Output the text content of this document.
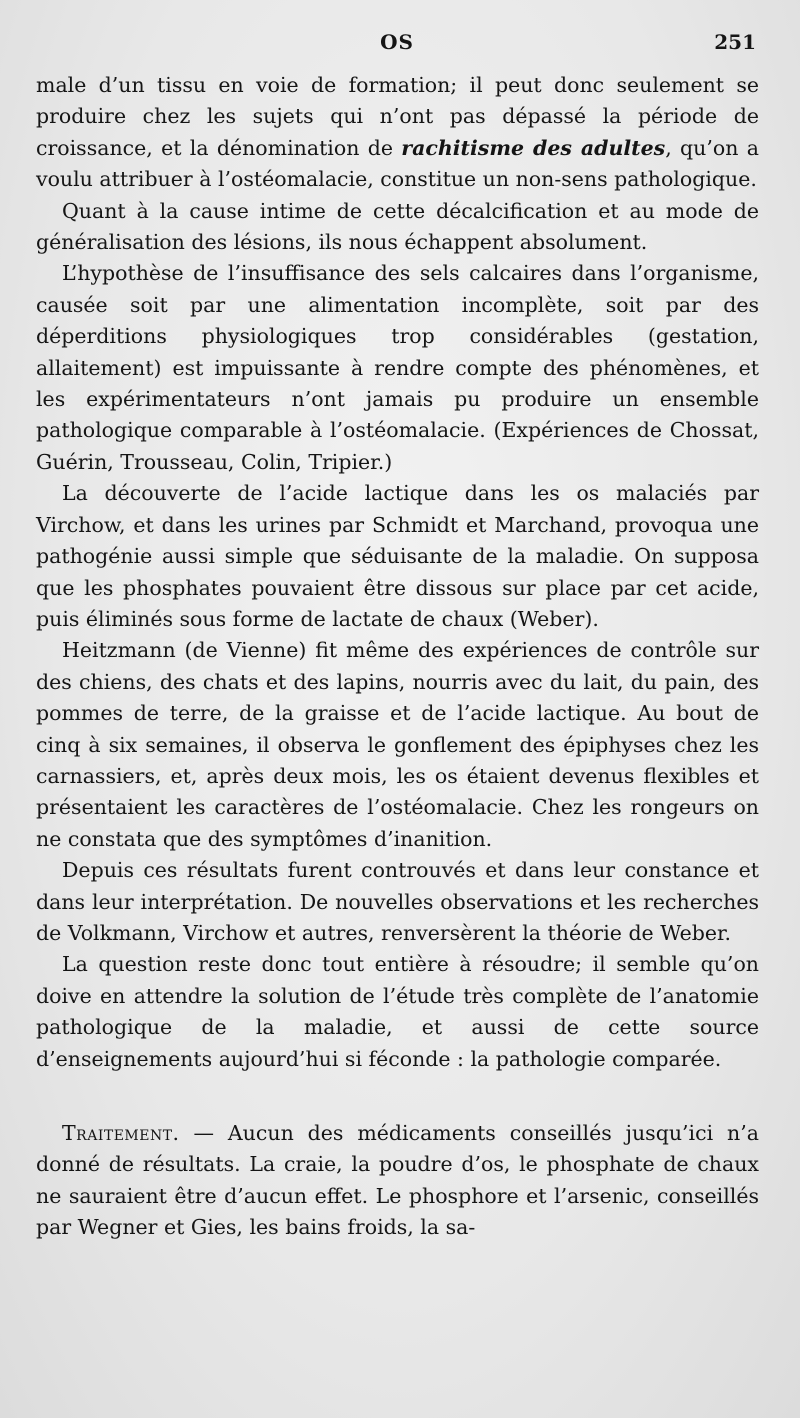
OS	251

male d’un tissu en voie de formation; il peut donc seulement se produire chez les sujets qui n’ont pas dépassé la période de croissance, et la dénomination de rachitisme des adultes, qu’on a voulu attribuer à l’ostéomalacie, constitue un non-sens pathologique.

Quant à la cause intime de cette décalcification et au mode de généralisation des lésions, ils nous échappent absolument.

L’hypothèse de l’insuffisance des sels calcaires dans l’organisme, causée soit par une alimentation incomplète, soit par des déperditions physiologiques trop considérables (gestation, allaitement) est impuissante à rendre compte des phénomènes, et les expérimentateurs n’ont jamais pu produire un ensemble pathologique comparable à l’ostéomalacie. (Expériences de Chossat, Guérin, Trousseau, Colin, Tripier.)

La découverte de l’acide lactique dans les os malaciés par Virchow, et dans les urines par Schmidt et Marchand, provoqua une pathogénie aussi simple que séduisante de la maladie. On supposa que les phosphates pouvaient être dissous sur place par cet acide, puis éliminés sous forme de lactate de chaux (Weber).

Heitzmann (de Vienne) fit même des expériences de contrôle sur des chiens, des chats et des lapins, nourris avec du lait, du pain, des pommes de terre, de la graisse et de l’acide lactique. Au bout de cinq à six semaines, il observa le gonflement des épiphyses chez les carnassiers, et, après deux mois, les os étaient devenus flexibles et présentaient les caractères de l’ostéomalacie. Chez les rongeurs on ne constata que des symptômes d’inanition.

Depuis ces résultats furent controuvés et dans leur constance et dans leur interprétation. De nouvelles observations et les recherches de Volkmann, Virchow et autres, renversèrent la théorie de Weber.

La question reste donc tout entière à résoudre; il semble qu’on doive en attendre la solution de l’étude très complète de l’anatomie pathologique de la maladie, et aussi de cette source d’enseignements aujourd’hui si féconde : la pathologie comparée.

Traitement. — Aucun des médicaments conseillés jusqu’ici n’a donné de résultats. La craie, la poudre d’os, le phosphate de chaux ne sauraient être d’aucun effet. Le phosphore et l’arsenic, conseillés par Wegner et Gies, les bains froids, la sa-
